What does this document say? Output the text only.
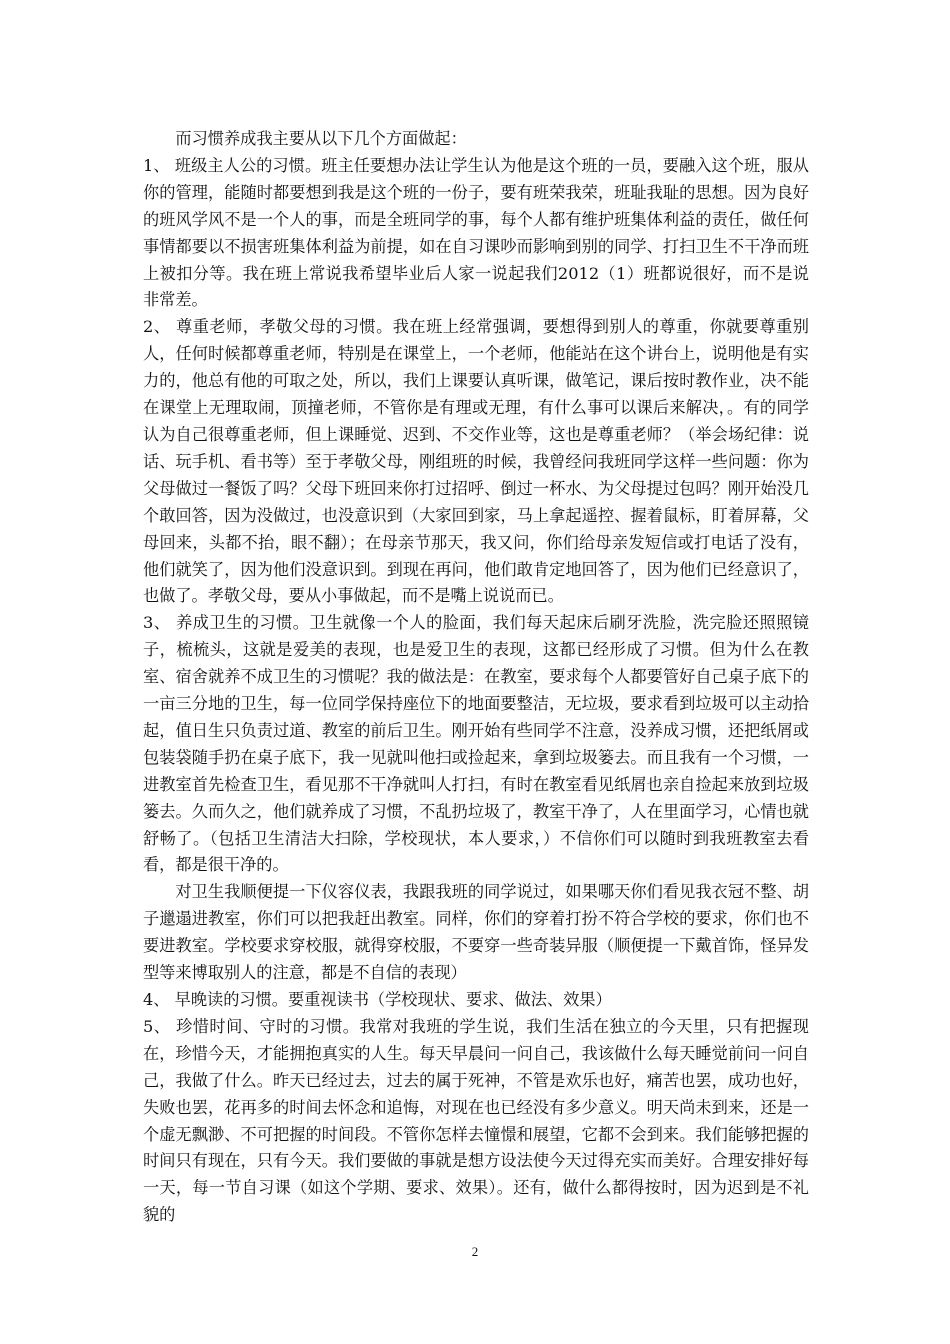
而习惯养成我主要从以下几个方面做起：

1、 班级主人公的习惯。班主任要想办法让学生认为他是这个班的一员，要融入这个班，服从你的管理，能随时都要想到我是这个班的一份子，要有班荣我荣，班耻我耻的思想。因为良好的班风学风不是一个人的事，而是全班同学的事，每个人都有维护班集体利益的责任，做任何事情都要以不损害班集体利益为前提，如在自习课吵而影响到别的同学、打扫卫生不干净而班上被扣分等。我在班上常说我希望毕业后人家一说起我们2012（1）班都说很好，而不是说非常差。

2、 尊重老师，孝敬父母的习惯。我在班上经常强调，要想得到别人的尊重，你就要尊重别人，任何时候都尊重老师，特别是在课堂上，一个老师，他能站在这个讲台上，说明他是有实力的，他总有他的可取之处，所以，我们上课要认真听课，做笔记，课后按时教作业，决不能在课堂上无理取闹，顶撞老师，不管你是有理或无理，有什么事可以课后来解决，。有的同学认为自己很尊重老师，但上课睡觉、迟到、不交作业等，这也是尊重老师？（举会场纪律：说话、玩手机、看书等）至于孝敬父母，刚组班的时候，我曾经问我班同学这样一些问题：你为父母做过一餐饭了吗？父母下班回来你打过招呼、倒过一杯水、为父母提过包吗？刚开始没几个敢回答，因为没做过，也没意识到（大家回到家，马上拿起遥控、握着鼠标，盯着屏幕，父母回来，头都不抬，眼不翻）；在母亲节那天，我又问，你们给母亲发短信或打电话了没有，他们就笑了，因为他们没意识到。到现在再问，他们敢肯定地回答了，因为他们已经意识了，也做了。孝敬父母，要从小事做起，而不是嘴上说说而已。

3、 养成卫生的习惯。卫生就像一个人的脸面，我们每天起床后刷牙洗脸，洗完脸还照照镜子，梳梳头，这就是爱美的表现，也是爱卫生的表现，这都已经形成了习惯。但为什么在教室、宿舍就养不成卫生的习惯呢？我的做法是：在教室，要求每个人都要管好自己桌子底下的一亩三分地的卫生，每一位同学保持座位下的地面要整洁，无垃圾，要求看到垃圾可以主动拾起，值日生只负责过道、教室的前后卫生。刚开始有些同学不注意，没养成习惯，还把纸屑或包装袋随手扔在桌子底下，我一见就叫他扫或捡起来，拿到垃圾篓去。而且我有一个习惯，一进教室首先检查卫生，看见那不干净就叫人打扫，有时在教室看见纸屑也亲自捡起来放到垃圾篓去。久而久之，他们就养成了习惯，不乱扔垃圾了，教室干净了，人在里面学习，心情也就舒畅了。（包括卫生清洁大扫除，学校现状，本人要求，）不信你们可以随时到我班教室去看看，都是很干净的。

对卫生我顺便提一下仪容仪表，我跟我班的同学说过，如果哪天你们看见我衣冠不整、胡子邋遢进教室，你们可以把我赶出教室。同样，你们的穿着打扮不符合学校的要求，你们也不要进教室。学校要求穿校服，就得穿校服，不要穿一些奇装异服（顺便提一下戴首饰，怪异发型等来博取别人的注意，都是不自信的表现）

4、 早晚读的习惯。要重视读书（学校现状、要求、做法、效果）

5、 珍惜时间、守时的习惯。我常对我班的学生说，我们生活在独立的今天里，只有把握现在，珍惜今天，才能拥抱真实的人生。每天早晨问一问自己，我该做什么每天睡觉前问一问自己，我做了什么。昨天已经过去，过去的属于死神，不管是欢乐也好，痛苦也罢，成功也好，失败也罢，花再多的时间去怀念和追悔，对现在也已经没有多少意义。明天尚未到来，还是一个虚无飘渺、不可把握的时间段。不管你怎样去憧憬和展望，它都不会到来。我们能够把握的时间只有现在，只有今天。我们要做的事就是想方设法使今天过得充实而美好。合理安排好每一天，每一节自习课（如这个学期、要求、效果）。还有，做什么都得按时，因为迟到是不礼貌的

2
